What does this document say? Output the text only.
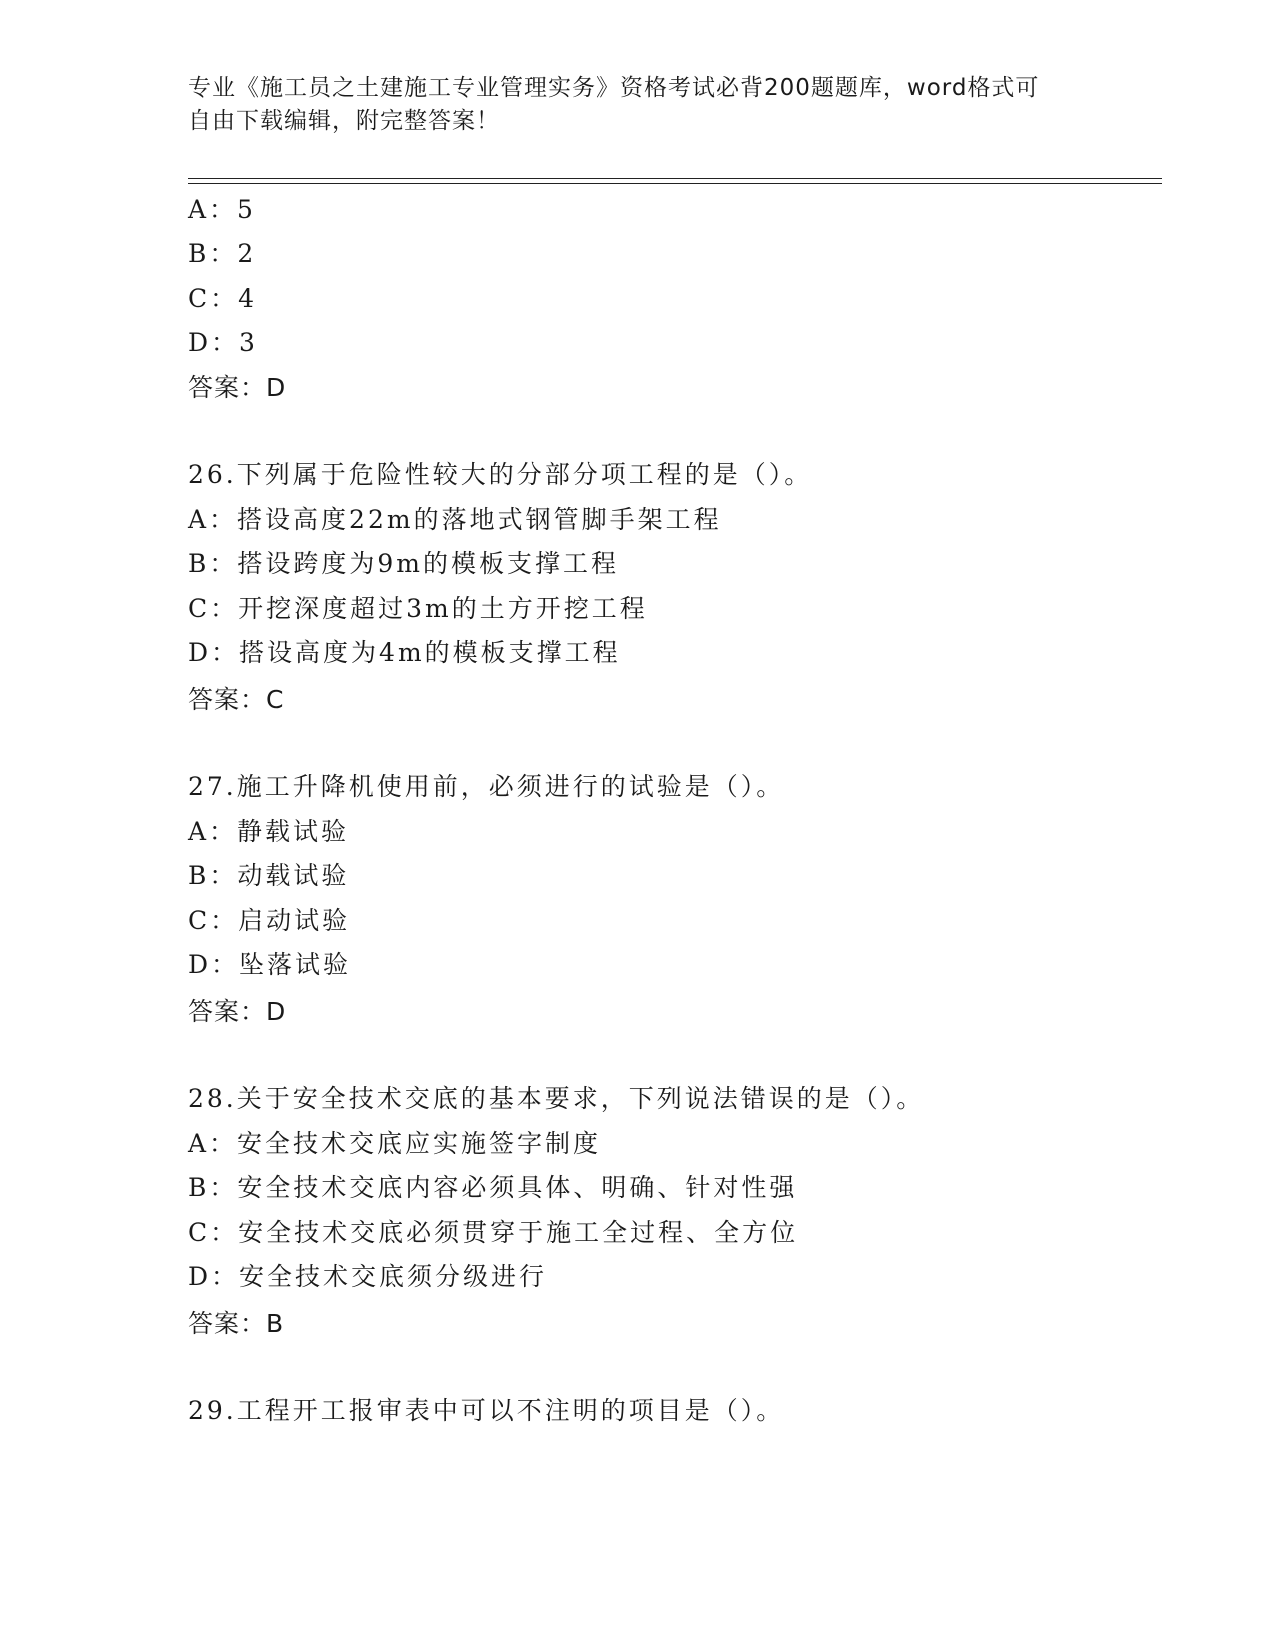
专业《施工员之土建施工专业管理实务》资格考试必背200题题库，word格式可
自由下载编辑，附完整答案！
A：5
B：2
C：4
D：3
答案：D
26.下列属于危险性较大的分部分项工程的是（）。
A：搭设高度22m的落地式钢管脚手架工程
B：搭设跨度为9m的模板支撑工程
C：开挖深度超过3m的土方开挖工程
D：搭设高度为4m的模板支撑工程
答案：C
27.施工升降机使用前，必须进行的试验是（）。
A：静载试验
B：动载试验
C：启动试验
D：坠落试验
答案：D
28.关于安全技术交底的基本要求，下列说法错误的是（）。
A：安全技术交底应实施签字制度
B：安全技术交底内容必须具体、明确、针对性强
C：安全技术交底必须贯穿于施工全过程、全方位
D：安全技术交底须分级进行
答案：B
29.工程开工报审表中可以不注明的项目是（）。
